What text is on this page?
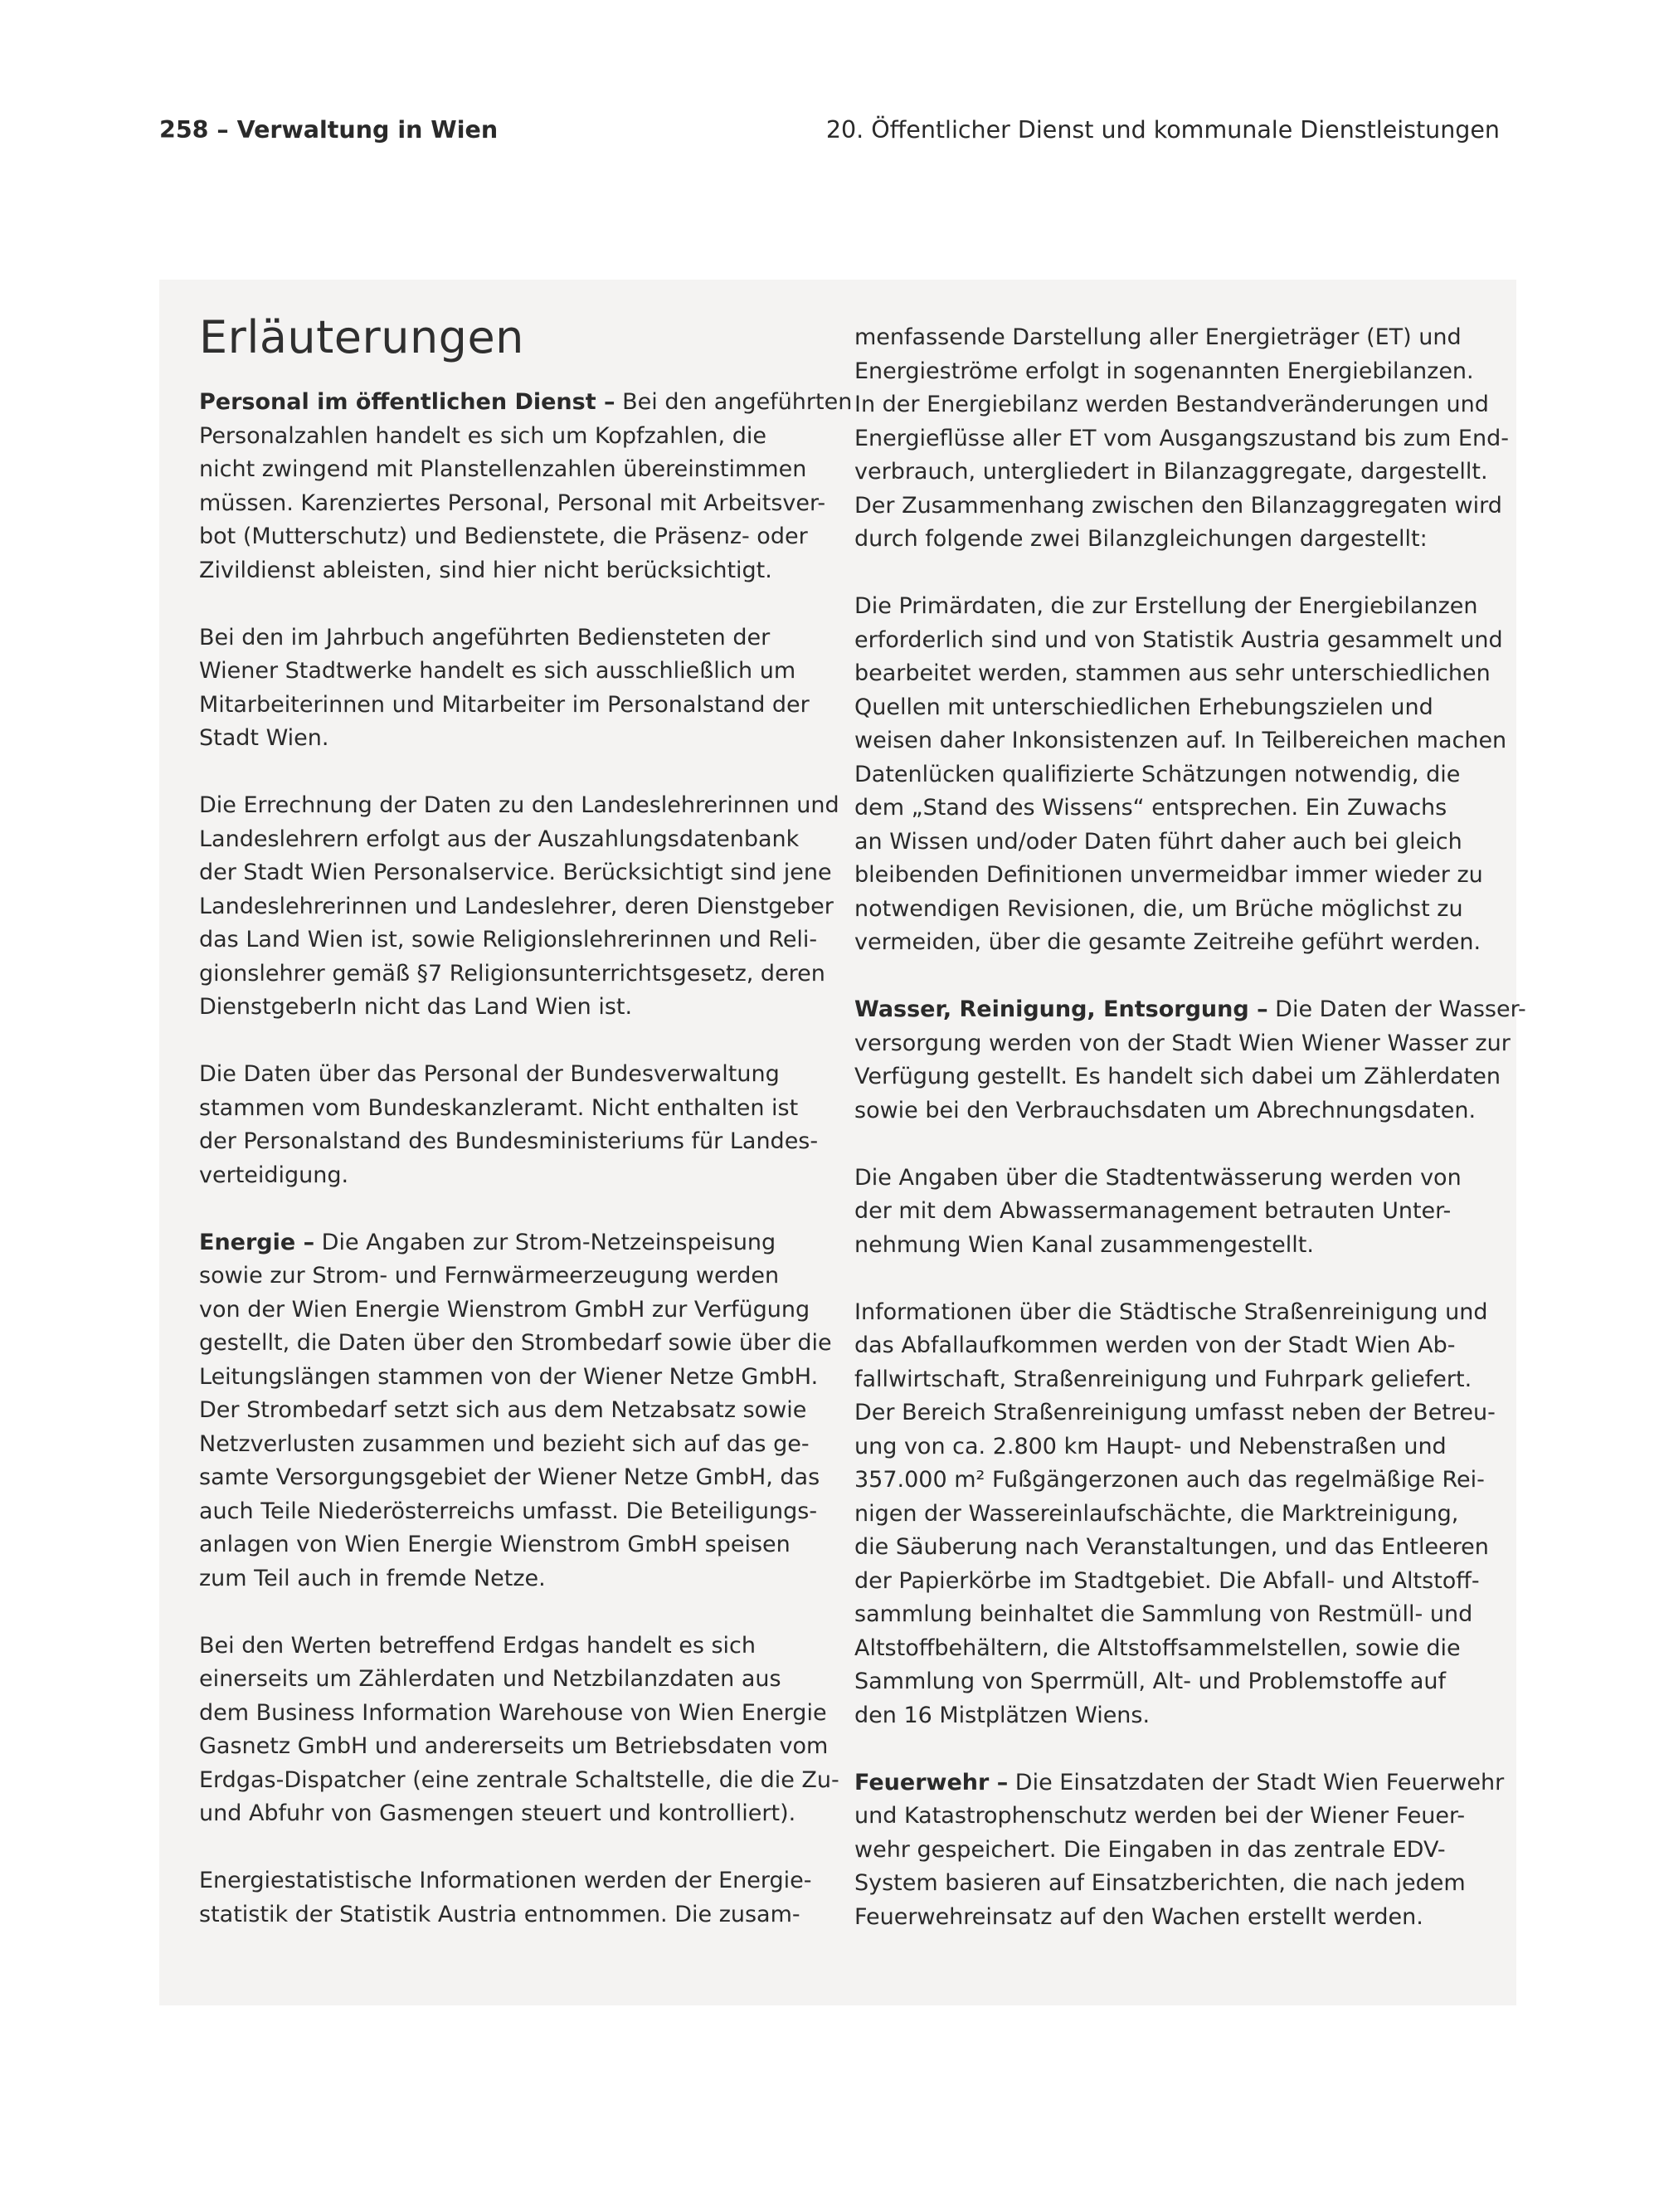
258 – Verwaltung in Wien	20. Öffentlicher Dienst und kommunale Dienstleistungen
Erläuterungen
Personal im öffentlichen Dienst – Bei den angeführten
Personalzahlen handelt es sich um Kopfzahlen, die
nicht zwingend mit Planstellenzahlen übereinstimmen
müssen. Karenziertes Personal, Personal mit Arbeitsver-
bot (Mutterschutz) und Bedienstete, die Präsenz- oder
Zivildienst ableisten, sind hier nicht berücksichtigt.
Bei den im Jahrbuch angeführten Bediensteten der
Wiener Stadtwerke handelt es sich ausschließlich um
Mitarbeiterinnen und Mitarbeiter im Personalstand der
Stadt Wien.
Die Errechnung der Daten zu den Landeslehrerinnen und
Landeslehrern erfolgt aus der Auszahlungsdatenbank
der Stadt Wien Personalservice. Berücksichtigt sind jene
Landeslehrerinnen und Landeslehrer, deren Dienstgeber
das Land Wien ist, sowie Religionslehrerinnen und Reli-
gionslehrer gemäß §7 Religionsunterrichtsgesetz, deren
DienstgeberIn nicht das Land Wien ist.
Die Daten über das Personal der Bundesverwaltung
stammen vom Bundeskanzleramt. Nicht enthalten ist
der Personalstand des Bundesministeriums für Landes-
verteidigung.
Energie – Die Angaben zur Strom-Netzeinspeisung
sowie zur Strom- und Fernwärmeerzeugung werden
von der Wien Energie Wienstrom GmbH zur Verfügung
gestellt, die Daten über den Strombedarf sowie über die
Leitungslängen stammen von der Wiener Netze GmbH.
Der Strombedarf setzt sich aus dem Netzabsatz sowie
Netzverlusten zusammen und bezieht sich auf das ge-
samte Versorgungsgebiet der Wiener Netze GmbH, das
auch Teile Niederösterreichs umfasst. Die Beteiligungs-
anlagen von Wien Energie Wienstrom GmbH speisen
zum Teil auch in fremde Netze.
Bei den Werten betreffend Erdgas handelt es sich
einerseits um Zählerdaten und Netzbilanzdaten aus
dem Business Information Warehouse von Wien Energie
Gasnetz GmbH und andererseits um Betriebsdaten vom
Erdgas-Dispatcher (eine zentrale Schaltstelle, die die Zu-
und Abfuhr von Gasmengen steuert und kontrolliert).
Energiestatistische Informationen werden der Energie-
statistik der Statistik Austria entnommen. Die zusam-
menfassende Darstellung aller Energieträger (ET) und
Energieströme erfolgt in sogenannten Energiebilanzen.
In der Energiebilanz werden Bestandveränderungen und
Energieflüsse aller ET vom Ausgangszustand bis zum End-
verbrauch, untergliedert in Bilanzaggregate, dargestellt.
Der Zusammenhang zwischen den Bilanzaggregaten wird
durch folgende zwei Bilanzgleichungen dargestellt:
Die Primärdaten, die zur Erstellung der Energiebilanzen
erforderlich sind und von Statistik Austria gesammelt und
bearbeitet werden, stammen aus sehr unterschiedlichen
Quellen mit unterschiedlichen Erhebungszielen und
weisen daher Inkonsistenzen auf. In Teilbereichen machen
Datenlücken qualifizierte Schätzungen notwendig, die
dem „Stand des Wissens“ entsprechen. Ein Zuwachs
an Wissen und/oder Daten führt daher auch bei gleich
bleibenden Definitionen unvermeidbar immer wieder zu
notwendigen Revisionen, die, um Brüche möglichst zu
vermeiden, über die gesamte Zeitreihe geführt werden.
Wasser, Reinigung, Entsorgung – Die Daten der Wasser-
versorgung werden von der Stadt Wien Wiener Wasser zur
Verfügung gestellt. Es handelt sich dabei um Zählerdaten
sowie bei den Verbrauchsdaten um Abrechnungsdaten.
Die Angaben über die Stadtentwässerung werden von
der mit dem Abwassermanagement betrauten Unter-
nehmung Wien Kanal zusammengestellt.
Informationen über die Städtische Straßenreinigung und
das Abfallaufkommen werden von der Stadt Wien Ab-
fallwirtschaft, Straßenreinigung und Fuhrpark geliefert.
Der Bereich Straßenreinigung umfasst neben der Betreu-
ung von ca. 2.800 km Haupt- und Nebenstraßen und
357.000 m² Fußgängerzonen auch das regelmäßige Rei-
nigen der Wassereinlaufschächte, die Marktreinigung,
die Säuberung nach Veranstaltungen, und das Entleeren
der Papierkörbe im Stadtgebiet. Die Abfall- und Altstoff-
sammlung beinhaltet die Sammlung von Restmüll- und
Altstoffbehältern, die Altstoffsammelstellen, sowie die
Sammlung von Sperrmüll, Alt- und Problemstoffe auf
den 16 Mistplätzen Wiens.
Feuerwehr – Die Einsatzdaten der Stadt Wien Feuerwehr
und Katastrophenschutz werden bei der Wiener Feuer-
wehr gespeichert. Die Eingaben in das zentrale EDV-
System basieren auf Einsatzberichten, die nach jedem
Feuerwehreinsatz auf den Wachen erstellt werden.
